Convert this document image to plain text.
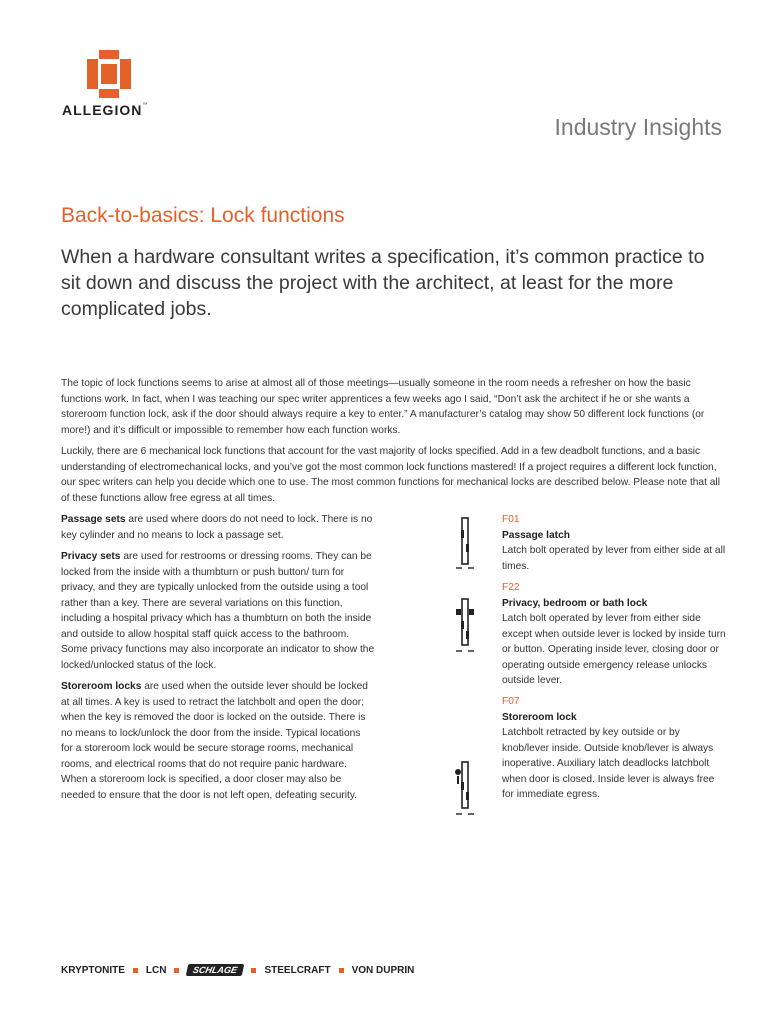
ALLEGION™
Industry Insights
Back-to-basics: Lock functions
When a hardware consultant writes a specification, it’s common practice to sit down and discuss the project with the architect, at least for the more complicated jobs.

The topic of lock functions seems to arise at almost all of those meetings—usually someone in the room needs a refresher on how the basic functions work. In fact, when I was teaching our spec writer apprentices a few weeks ago I said, “Don’t ask the architect if he or she wants a storeroom function lock, ask if the door should always require a key to enter.” A manufacturer’s catalog may show 50 different lock functions (or more!) and it’s difficult or impossible to remember how each function works.

Luckily, there are 6 mechanical lock functions that account for the vast majority of locks specified. Add in a few deadbolt functions, and a basic understanding of electromechanical locks, and you’ve got the most common lock functions mastered! If a project requires a different lock function, our spec writers can help you decide which one to use. The most common functions for mechanical locks are described below. Please note that all of these functions allow free egress at all times.

Passage sets are used where doors do not need to lock. There is no key cylinder and no means to lock a passage set.

Privacy sets are used for restrooms or dressing rooms. They can be locked from the inside with a thumbturn or push button/ turn for privacy, and they are typically unlocked from the outside using a tool rather than a key. There are several variations on this function, including a hospital privacy which has a thumbturn on both the inside and outside to allow hospital staff quick access to the bathroom. Some privacy functions may also incorporate an indicator to show the locked/unlocked status of the lock.

Storeroom locks are used when the outside lever should be locked at all times. A key is used to retract the latchbolt and open the door; when the key is removed the door is locked on the outside. There is no means to lock/unlock the door from the inside. Typical locations for a storeroom lock would be secure storage rooms, mechanical rooms, and electrical rooms that do not require panic hardware. When a storeroom lock is specified, a door closer may also be needed to ensure that the door is not left open, defeating security.

F01
Passage latch
Latch bolt operated by lever from either side at all times.
F22
Privacy, bedroom or bath lock
Latch bolt operated by lever from either side except when outside lever is locked by inside turn or button. Operating inside lever, closing door or operating outside emergency release unlocks outside lever.
F07
Storeroom lock
Latchbolt retracted by key outside or by knob/lever inside. Outside knob/lever is always inoperative. Auxiliary latch deadlocks latchbolt when door is closed. Inside lever is always free for immediate egress.
KRYPTONITE LCN	SCHLAGE	STEELCRAFT VON DUPRIN
